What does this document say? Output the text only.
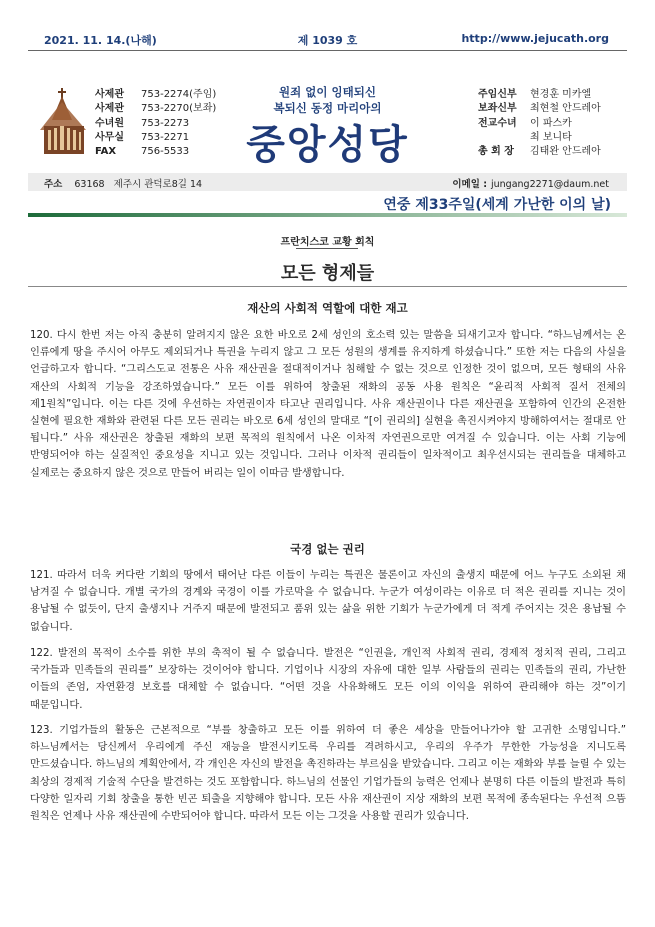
2021. 11. 14.(나해)	제 1039 호	http://www.jejucath.org
사제관	753-2274(주임)
사제관	753-2270(보좌)
수녀원	753-2273
사무실	753-2271
FAX	756-5533
원죄 없이 잉태되신
복되신 동정 마리아의
중앙성당
주임신부	현경훈 미카엘
보좌신부	최현철 안드레아
전교수녀	이 파스카
최 보니타
총 회 장	김태완 안드레아
주소 63168 제주시 관덕로8길 14	이메일 : jungang2271@daum.net
연중 제33주일(세계 가난한 이의 날)
프란치스코 교황 회칙
모든 형제들
재산의 사회적 역할에 대한 재고
120. 다시 한번 저는 아직 충분히 알려지지 않은 요한 바오로 2세 성인의 호소력 있는 말씀을 되새기고자 합니다. “하느님께서는 온 인류에게 땅을 주시어 아무도 제외되거나 특권을 누리지 않고 그 모든 성원의 생계를 유지하게 하셨습니다.” 또한 저는 다음의 사실을 언급하고자 합니다. “그리스도교 전통은 사유 재산권을 절대적이거나 침해할 수 없는 것으로 인정한 것이 없으며, 모든 형태의 사유 재산의 사회적 기능을 강조하였습니다.” 모든 이를 위하여 창출된 재화의 공동 사용 원칙은 “윤리적 사회적 질서 전체의 제1원칙”입니다. 이는 다른 것에 우선하는 자연권이자 타고난 권리입니다. 사유 재산권이나 다른 재산권을 포함하여 인간의 온전한 실현에 필요한 재화와 관련된 다른 모든 권리는 바오로 6세 성인의 말대로 “[이 권리의] 실현을 촉진시켜야지 방해하여서는 절대로 안 됩니다.” 사유 재산권은 창출된 재화의 보편 목적의 원칙에서 나온 이차적 자연권으로만 여겨질 수 있습니다. 이는 사회 기능에 반영되어야 하는 실질적인 중요성을 지니고 있는 것입니다. 그러나 이차적 권리들이 일차적이고 최우선시되는 권리들을 대체하고 실제로는 중요하지 않은 것으로 만들어 버리는 일이 이따금 발생합니다.
국경 없는 권리
121. 따라서 더욱 커다란 기회의 땅에서 태어난 다른 이들이 누리는 특권은 물론이고 자신의 출생지 때문에 어느 누구도 소외된 채 남겨질 수 없습니다. 개별 국가의 경계와 국경이 이를 가로막을 수 없습니다. 누군가 여성이라는 이유로 더 적은 권리를 지니는 것이 용납될 수 없듯이, 단지 출생지나 거주지 때문에 발전되고 품위 있는 삶을 위한 기회가 누군가에게 더 적게 주어지는 것은 용납될 수 없습니다.
122. 발전의 목적이 소수를 위한 부의 축적이 될 수 없습니다. 발전은 “인권을, 개인적 사회적 권리, 경제적 정치적 권리, 그리고 국가들과 민족들의 권리를” 보장하는 것이어야 합니다. 기업이나 시장의 자유에 대한 일부 사람들의 권리는 민족들의 권리, 가난한 이들의 존엄, 자연환경 보호를 대체할 수 없습니다. “어떤 것을 사유화해도 모든 이의 이익을 위하여 관리해야 하는 것”이기 때문입니다.
123. 기업가들의 활동은 근본적으로 “부를 창출하고 모든 이를 위하여 더 좋은 세상을 만들어나가야 할 고귀한 소명입니다.” 하느님께서는 당신께서 우리에게 주신 재능을 발전시키도록 우리를 격려하시고, 우리의 우주가 무한한 가능성을 지니도록 만드셨습니다. 하느님의 계획안에서, 각 개인은 자신의 발전을 촉진하라는 부르심을 받았습니다. 그리고 이는 재화와 부를 늘릴 수 있는 최상의 경제적 기술적 수단을 발견하는 것도 포함합니다. 하느님의 선물인 기업가들의 능력은 언제나 분명히 다른 이들의 발전과 특히 다양한 일자리 기회 창출을 통한 빈곤 퇴출을 지향해야 합니다. 모든 사유 재산권이 지상 재화의 보편 목적에 종속된다는 우선적 으뜸 원칙은 언제나 사유 재산권에 수반되어야 합니다. 따라서 모든 이는 그것을 사용할 권리가 있습니다.
